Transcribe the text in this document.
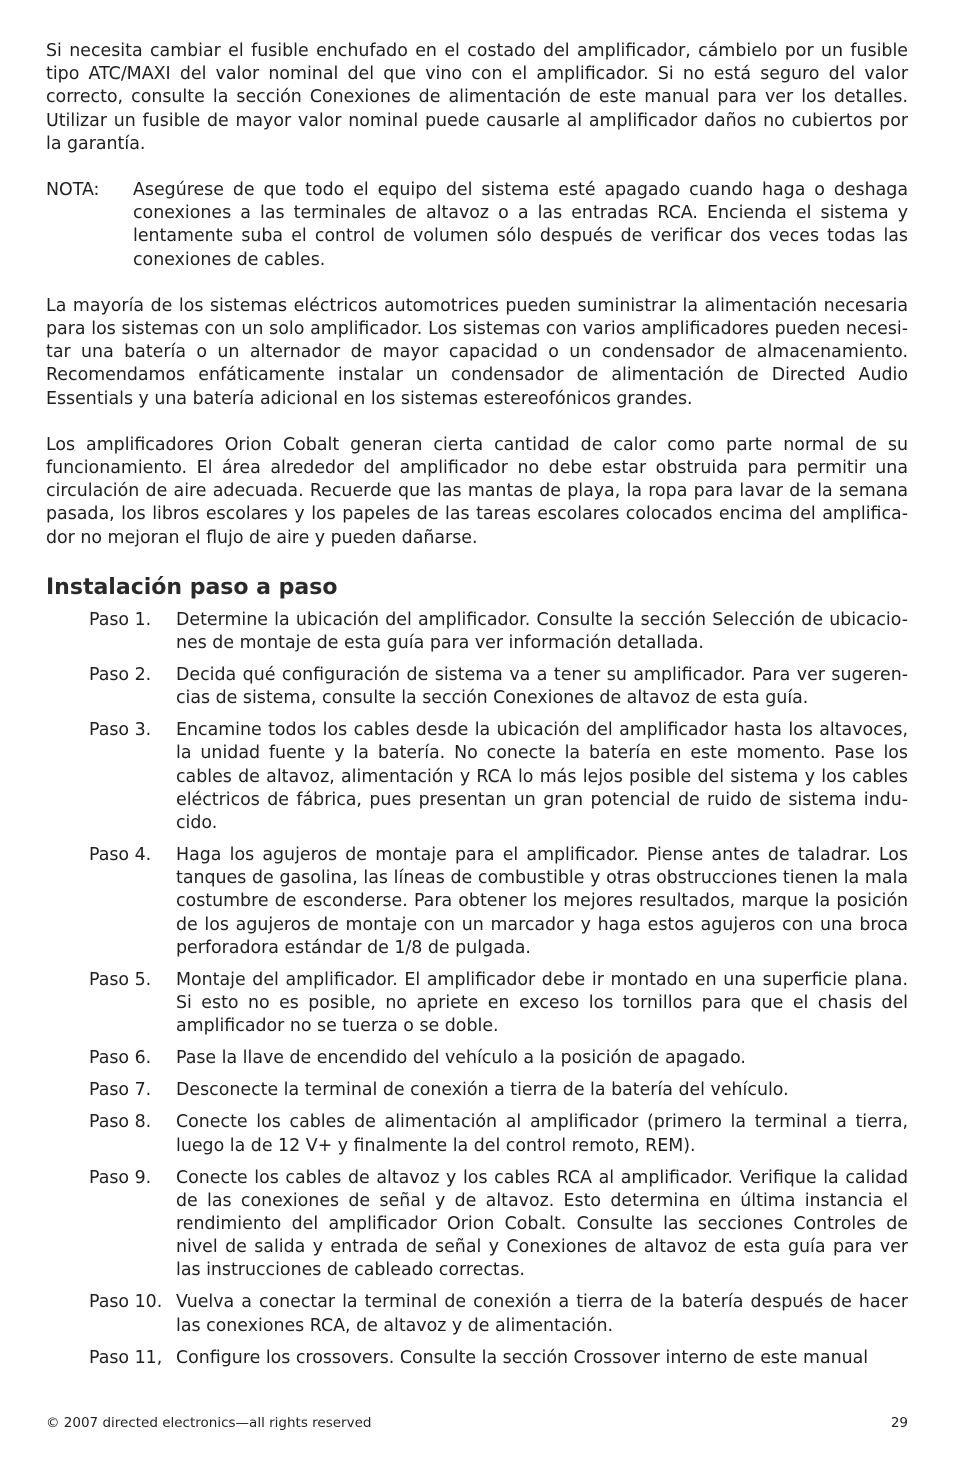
Si necesita cambiar el fusible enchufado en el costado del amplificador, cámbielo por un fusible tipo ATC/MAXI del valor nominal del que vino con el amplificador. Si no está seguro del valor correcto, consulte la sección Conexiones de alimentación de este manual para ver los detalles. Utilizar un fusible de mayor valor nominal puede causarle al amplificador daños no cubiertos por la garantía.

NOTA:	Asegúrese de que todo el equipo del sistema esté apagado cuando haga o deshaga conexiones a las terminales de altavoz o a las entradas RCA. Encienda el sistema y lentamente suba el control de volumen sólo después de verificar dos veces todas las conexiones de cables.

La mayoría de los sistemas eléctricos automotrices pueden suministrar la alimentación necesaria para los sistemas con un solo amplificador. Los sistemas con varios amplificadores pueden necesi-tar una batería o un alternador de mayor capacidad o un condensador de almacenamiento. Recomendamos enfáticamente instalar un condensador de alimentación de Directed Audio Essentials y una batería adicional en los sistemas estereofónicos grandes.

Los amplificadores Orion Cobalt generan cierta cantidad de calor como parte normal de su funcionamiento. El área alrededor del amplificador no debe estar obstruida para permitir una circulación de aire adecuada. Recuerde que las mantas de playa, la ropa para lavar de la semana pasada, los libros escolares y los papeles de las tareas escolares colocados encima del amplifica-dor no mejoran el flujo de aire y pueden dañarse.

Instalación paso a paso
Paso 1.	Determine la ubicación del amplificador. Consulte la sección Selección de ubicacio-nes de montaje de esta guía para ver información detallada.

Paso 2.	Decida qué configuración de sistema va a tener su amplificador. Para ver sugeren-cias de sistema, consulte la sección Conexiones de altavoz de esta guía.

Paso 3.	Encamine todos los cables desde la ubicación del amplificador hasta los altavoces, la unidad fuente y la batería. No conecte la batería en este momento. Pase los cables de altavoz, alimentación y RCA lo más lejos posible del sistema y los cables eléctricos de fábrica, pues presentan un gran potencial de ruido de sistema indu-cido.

Paso 4.	Haga los agujeros de montaje para el amplificador. Piense antes de taladrar. Los tanques de gasolina, las líneas de combustible y otras obstrucciones tienen la mala costumbre de esconderse. Para obtener los mejores resultados, marque la posición de los agujeros de montaje con un marcador y haga estos agujeros con una broca perforadora estándar de 1/8 de pulgada.

Paso 5.	Montaje del amplificador. El amplificador debe ir montado en una superficie plana. Si esto no es posible, no apriete en exceso los tornillos para que el chasis del amplificador no se tuerza o se doble.

Paso 6.	Pase la llave de encendido del vehículo a la posición de apagado.

Paso 7.	Desconecte la terminal de conexión a tierra de la batería del vehículo.

Paso 8.	Conecte los cables de alimentación al amplificador (primero la terminal a tierra, luego la de 12 V+ y finalmente la del control remoto, REM).

Paso 9.	Conecte los cables de altavoz y los cables RCA al amplificador. Verifique la calidad de las conexiones de señal y de altavoz. Esto determina en última instancia el rendimiento del amplificador Orion Cobalt. Consulte las secciones Controles de nivel de salida y entrada de señal y Conexiones de altavoz de esta guía para ver las instrucciones de cableado correctas.

Paso 10. Vuelva a conectar la terminal de conexión a tierra de la batería después de hacer las conexiones RCA, de altavoz y de alimentación.

Paso 11, Configure los crossovers. Consulte la sección Crossover interno de este manual

© 2007 directed electronics—all rights reserved	29
